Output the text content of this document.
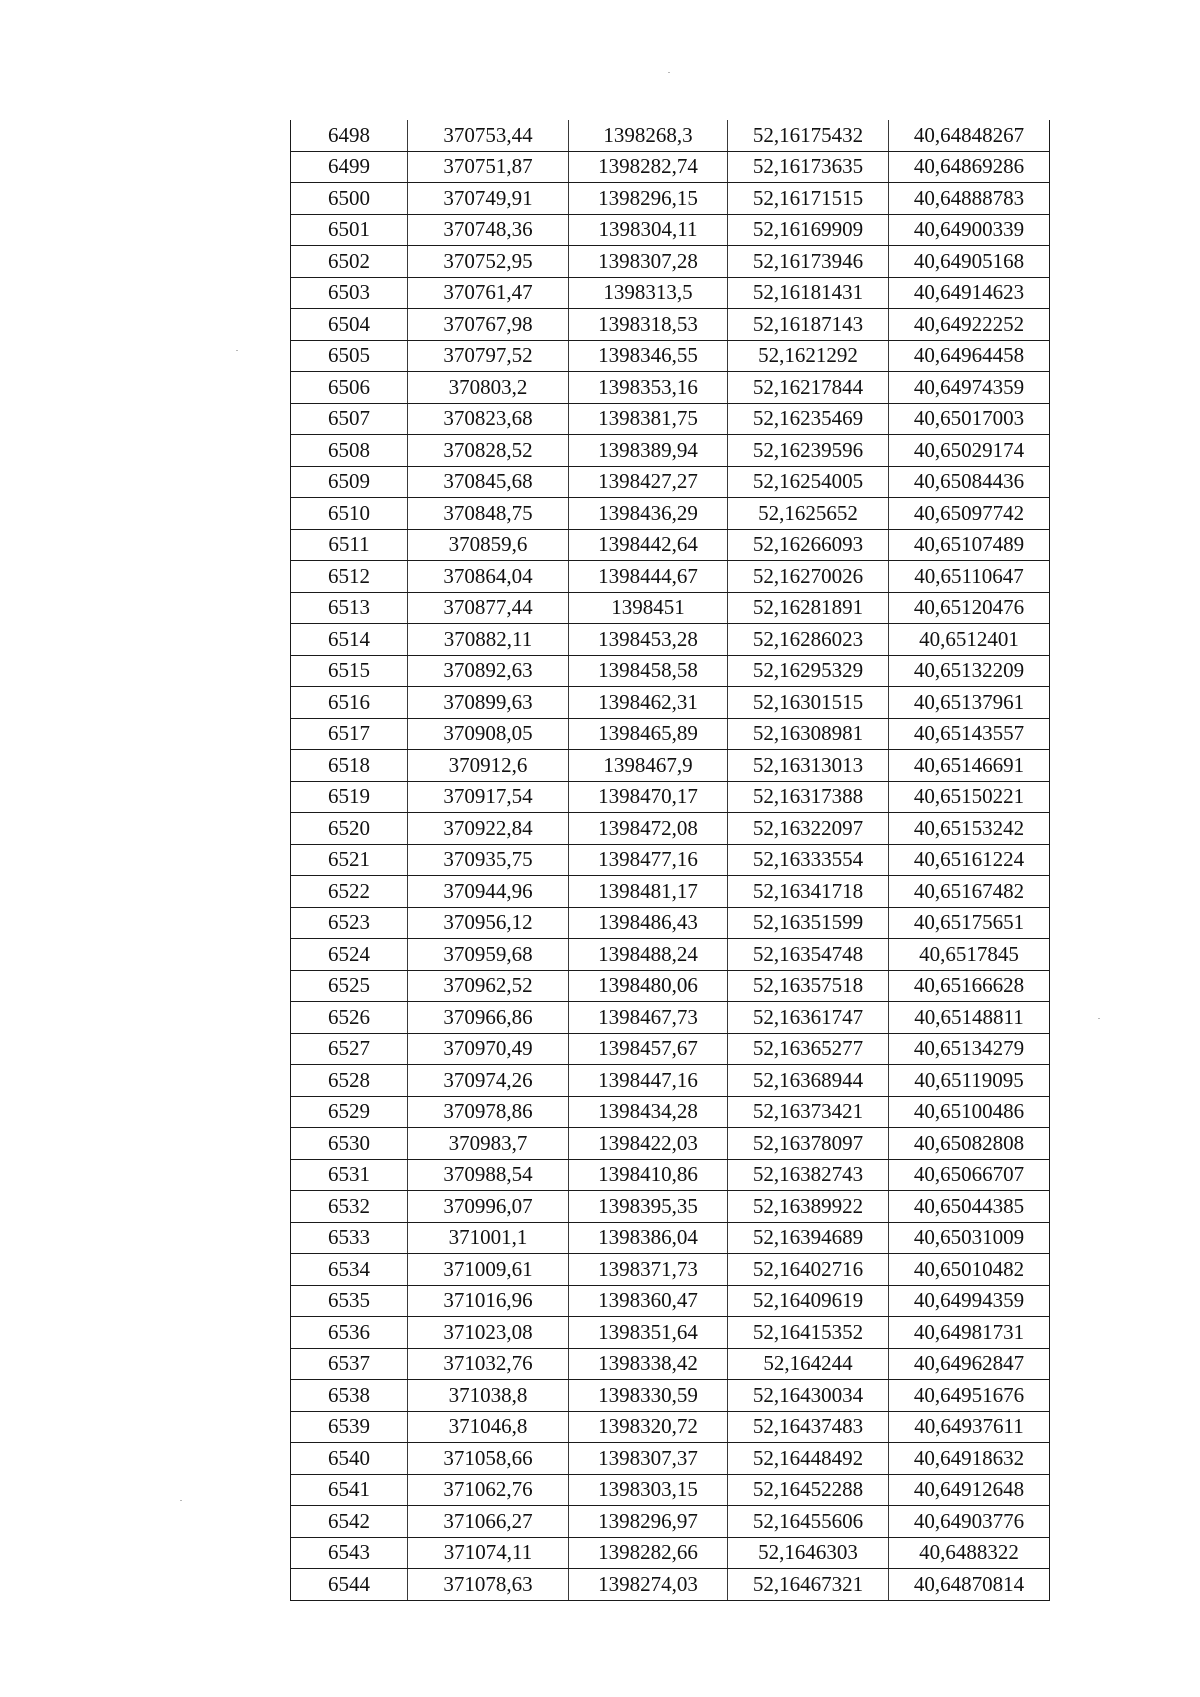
6498	370753,44	1398268,3	52,16175432	40,64848267
6499	370751,87	1398282,74	52,16173635	40,64869286
6500	370749,91	1398296,15	52,16171515	40,64888783
6501	370748,36	1398304,11	52,16169909	40,64900339
6502	370752,95	1398307,28	52,16173946	40,64905168
6503	370761,47	1398313,5	52,16181431	40,64914623
6504	370767,98	1398318,53	52,16187143	40,64922252
6505	370797,52	1398346,55	52,1621292	40,64964458
6506	370803,2	1398353,16	52,16217844	40,64974359
6507	370823,68	1398381,75	52,16235469	40,65017003
6508	370828,52	1398389,94	52,16239596	40,65029174
6509	370845,68	1398427,27	52,16254005	40,65084436
6510	370848,75	1398436,29	52,1625652	40,65097742
6511	370859,6	1398442,64	52,16266093	40,65107489
6512	370864,04	1398444,67	52,16270026	40,65110647
6513	370877,44	1398451	52,16281891	40,65120476
6514	370882,11	1398453,28	52,16286023	40,6512401
6515	370892,63	1398458,58	52,16295329	40,65132209
6516	370899,63	1398462,31	52,16301515	40,65137961
6517	370908,05	1398465,89	52,16308981	40,65143557
6518	370912,6	1398467,9	52,16313013	40,65146691
6519	370917,54	1398470,17	52,16317388	40,65150221
6520	370922,84	1398472,08	52,16322097	40,65153242
6521	370935,75	1398477,16	52,16333554	40,65161224
6522	370944,96	1398481,17	52,16341718	40,65167482
6523	370956,12	1398486,43	52,16351599	40,65175651
6524	370959,68	1398488,24	52,16354748	40,6517845
6525	370962,52	1398480,06	52,16357518	40,65166628
6526	370966,86	1398467,73	52,16361747	40,65148811
6527	370970,49	1398457,67	52,16365277	40,65134279
6528	370974,26	1398447,16	52,16368944	40,65119095
6529	370978,86	1398434,28	52,16373421	40,65100486
6530	370983,7	1398422,03	52,16378097	40,65082808
6531	370988,54	1398410,86	52,16382743	40,65066707
6532	370996,07	1398395,35	52,16389922	40,65044385
6533	371001,1	1398386,04	52,16394689	40,65031009
6534	371009,61	1398371,73	52,16402716	40,65010482
6535	371016,96	1398360,47	52,16409619	40,64994359
6536	371023,08	1398351,64	52,16415352	40,64981731
6537	371032,76	1398338,42	52,164244	40,64962847
6538	371038,8	1398330,59	52,16430034	40,64951676
6539	371046,8	1398320,72	52,16437483	40,64937611
6540	371058,66	1398307,37	52,16448492	40,64918632
6541	371062,76	1398303,15	52,16452288	40,64912648
6542	371066,27	1398296,97	52,16455606	40,64903776
6543	371074,11	1398282,66	52,1646303	40,6488322
6544	371078,63	1398274,03	52,16467321	40,64870814
